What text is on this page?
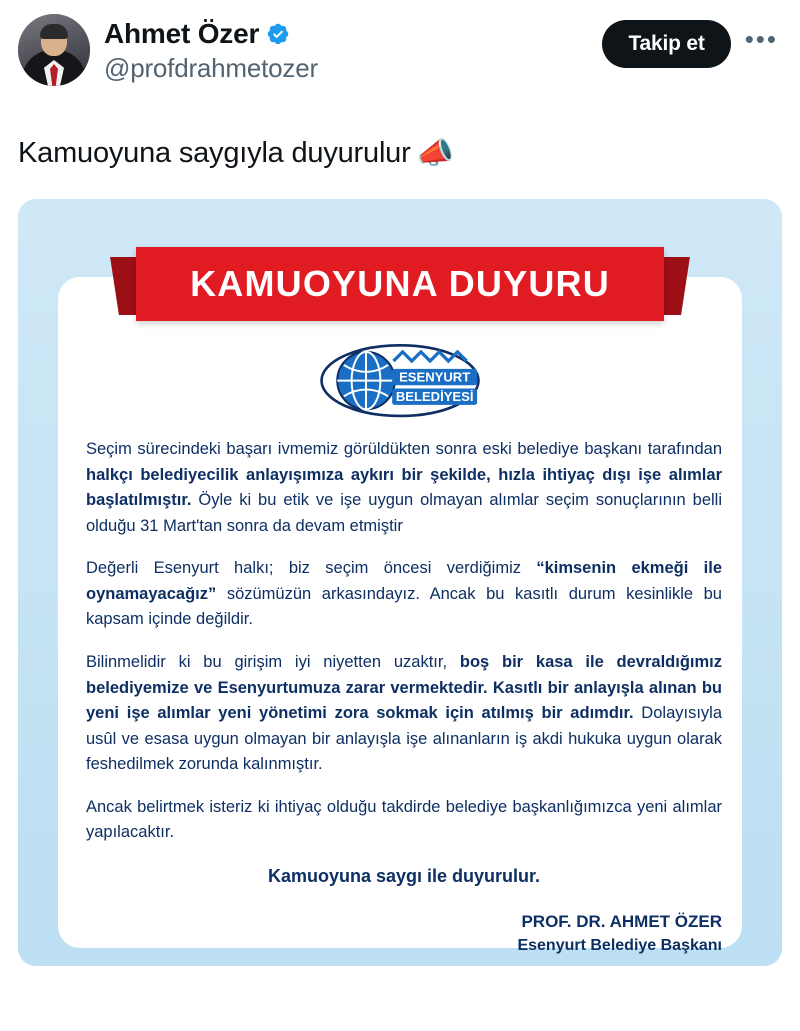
Ahmet Özer
@profdrahmetozer
Takip et	•••
Kamuoyuna saygıyla duyurulur 📣
KAMUOYUNA DUYURU
ESENYURT
BELEDİYESİ

Seçim sürecindeki başarı ivmemiz görüldükten sonra eski belediye başkanı tarafından halkçı belediyecilik anlayışımıza aykırı bir şekilde, hızla ihtiyaç dışı işe alımlar başlatılmıştır. Öyle ki bu etik ve işe uygun olmayan alımlar seçim sonuçlarının belli olduğu 31 Mart'tan sonra da devam etmiştir

Değerli Esenyurt halkı; biz seçim öncesi verdiğimiz “kimsenin ekmeği ile oynamayacağız” sözümüzün arkasındayız. Ancak bu kasıtlı durum kesinlikle bu kapsam içinde değildir.

Bilinmelidir ki bu girişim iyi niyetten uzaktır, boş bir kasa ile devraldığımız belediyemize ve Esenyurtumuza zarar vermektedir. Kasıtlı bir anlayışla alınan bu yeni işe alımlar yeni yönetimi zora sokmak için atılmış bir adımdır. Dolayısıyla usûl ve esasa uygun olmayan bir anlayışla işe alınanların iş akdi hukuka uygun olarak feshedilmek zorunda kalınmıştır.

Ancak belirtmek isteriz ki ihtiyaç olduğu takdirde belediye başkanlığımızca yeni alımlar yapılacaktır.

Kamuoyuna saygı ile duyurulur.
PROF. DR. AHMET ÖZER
Esenyurt Belediye Başkanı
